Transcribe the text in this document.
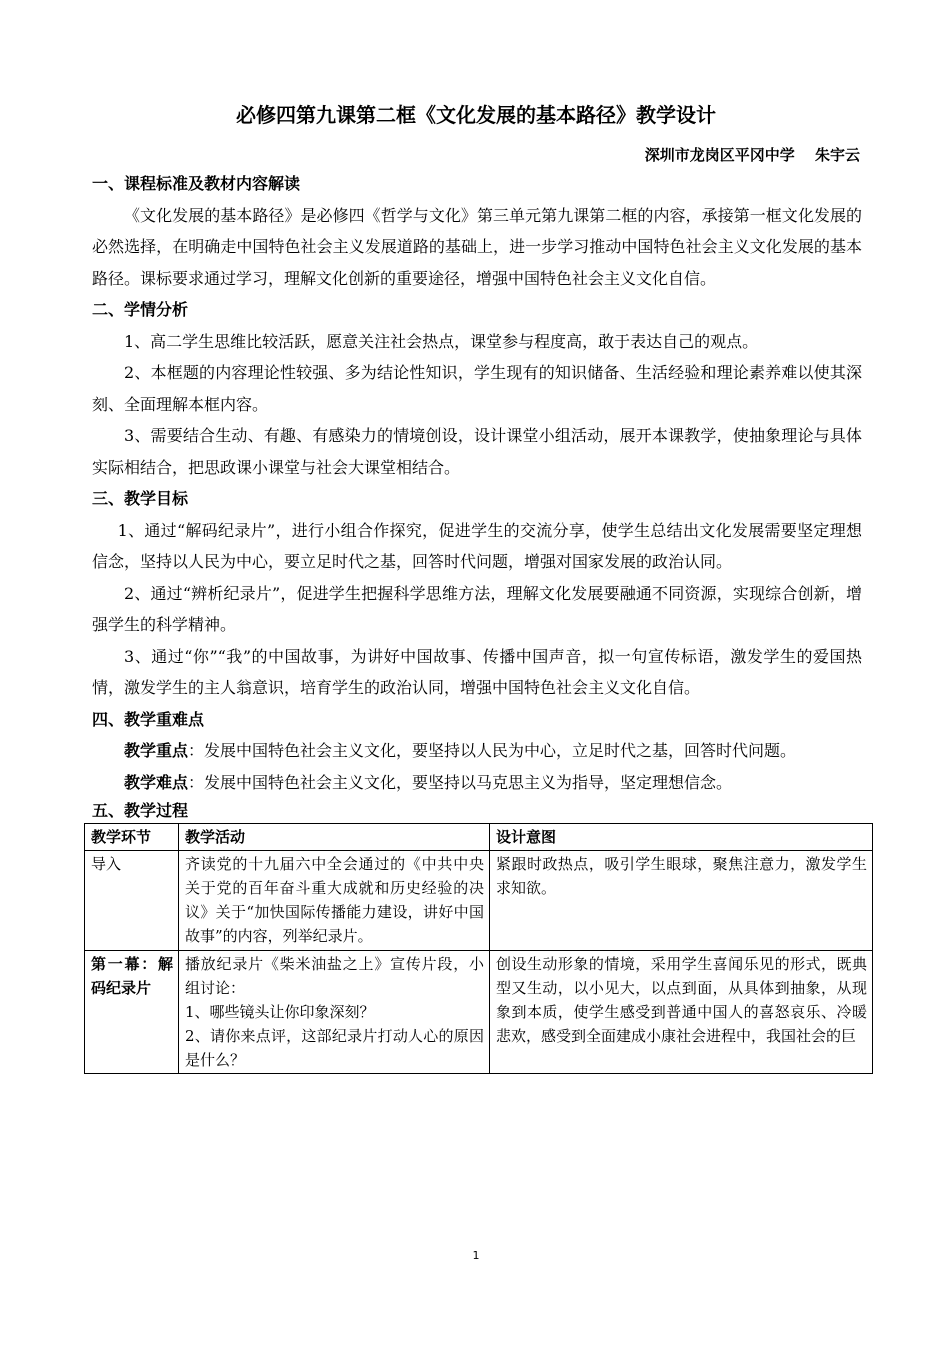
必修四第九课第二框《文化发展的基本路径》教学设计
深圳市龙岗区平冈中学　 朱宇云
一、课程标准及教材内容解读

《文化发展的基本路径》是必修四《哲学与文化》第三单元第九课第二框的内容，承接第一框文化发展的必然选择，在明确走中国特色社会主义发展道路的基础上，进一步学习推动中国特色社会主义文化发展的基本路径。课标要求通过学习，理解文化创新的重要途径，增强中国特色社会主义文化自信。

二、学情分析

1、高二学生思维比较活跃，愿意关注社会热点，课堂参与程度高，敢于表达自己的观点。

2、本框题的内容理论性较强、多为结论性知识，学生现有的知识储备、生活经验和理论素养难以使其深刻、全面理解本框内容。

3、需要结合生动、有趣、有感染力的情境创设，设计课堂小组活动，展开本课教学，使抽象理论与具体实际相结合，把思政课小课堂与社会大课堂相结合。

三、教学目标

1、通过“解码纪录片”，进行小组合作探究，促进学生的交流分享，使学生总结出文化发展需要坚定理想信念，坚持以人民为中心，要立足时代之基，回答时代问题，增强对国家发展的政治认同。

2、通过“辨析纪录片”，促进学生把握科学思维方法，理解文化发展要融通不同资源，实现综合创新，增强学生的科学精神。

3、通过“你”“我”的中国故事，为讲好中国故事、传播中国声音，拟一句宣传标语，激发学生的爱国热情，激发学生的主人翁意识，培育学生的政治认同，增强中国特色社会主义文化自信。

四、教学重难点

教学重点：发展中国特色社会主义文化，要坚持以人民为中心，立足时代之基，回答时代问题。

教学难点：发展中国特色社会主义文化，要坚持以马克思主义为指导，坚定理想信念。

五、教学过程
教学环节	教学活动	设计意图
导入	齐读党的十九届六中全会通过的《中共中央关于党的百年奋斗重大成就和历史经验的决议》关于“加快国际传播能力建设，讲好中国故事”的内容，列举纪录片。	紧跟时政热点，吸引学生眼球，聚焦注意力，激发学生求知欲。
第一幕：解码纪录片	播放纪录片《柴米油盐之上》宣传片段，小组讨论：
1、哪些镜头让你印象深刻？
2、请你来点评，这部纪录片打动人心的原因是什么？	创设生动形象的情境，采用学生喜闻乐见的形式，既典型又生动，以小见大，以点到面，从具体到抽象，从现象到本质，使学生感受到普通中国人的喜怒哀乐、冷暖悲欢，感受到全面建成小康社会进程中，我国社会的巨
1
